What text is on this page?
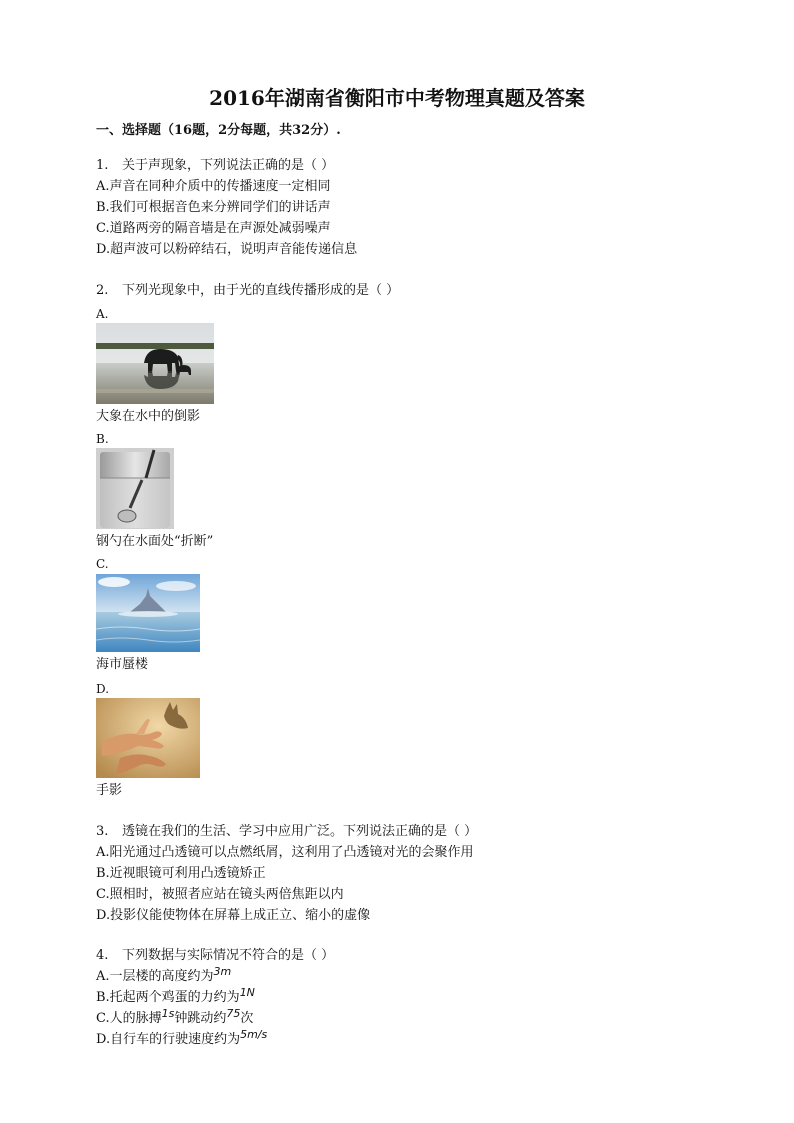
2016年湖南省衡阳市中考物理真题及答案
一、选择题（16题，2分每题，共32分）.
1. 关于声现象，下列说法正确的是（ ）
A.声音在同种介质中的传播速度一定相同
B.我们可根据音色来分辨同学们的讲话声
C.道路两旁的隔音墙是在声源处减弱噪声
D.超声波可以粉碎结石，说明声音能传递信息
2. 下列光现象中，由于光的直线传播形成的是（ ）
A.
大象在水中的倒影
B.
钢勺在水面处“折断”
C.
海市蜃楼
D.
手影
3. 透镜在我们的生活、学习中应用广泛。下列说法正确的是（ ）
A.阳光通过凸透镜可以点燃纸屑，这利用了凸透镜对光的会聚作用
B.近视眼镜可利用凸透镜矫正
C.照相时，被照者应站在镜头两倍焦距以内
D.投影仪能使物体在屏幕上成正立、缩小的虚像
4. 下列数据与实际情况不符合的是（ ）
A.一层楼的高度约为$^{3m}$
B.托起两个鸡蛋的力约为$^{1N}$
C.人的脉搏$^{1s}$钟跳动约$^{75}$次
D.自行车的行驶速度约为$^{5m/s}$
